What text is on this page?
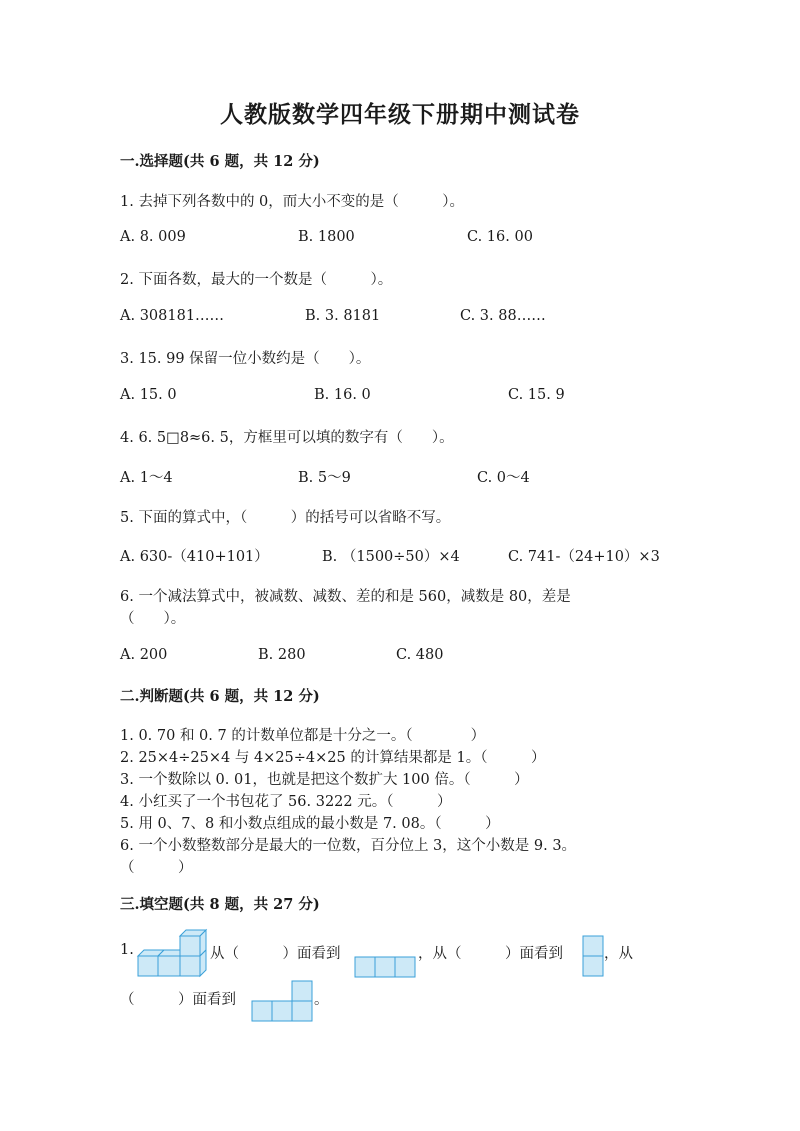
人教版数学四年级下册期中测试卷
一.选择题(共 6 题，共 12 分)
1. 去掉下列各数中的 0，而大小不变的是（　　　）。
A. 8. 009	B. 1800	C. 16. 00
2. 下面各数，最大的一个数是（　　　）。
A. 308181……	B. 3. 8181	C. 3. 88……
3. 15. 99 保留一位小数约是（　　）。
A. 15. 0	B. 16. 0	C. 15. 9
4. 6. 5□8≈6. 5，方框里可以填的数字有（　　）。
A. 1～4	B. 5～9	C. 0～4
5. 下面的算式中，（　　　）的括号可以省略不写。
A. 630-（410+101）	B. （1500÷50）×4	C. 741-（24+10）×3
6. 一个减法算式中，被减数、减数、差的和是 560，减数是 80，差是
（　　）。
A. 200	B. 280	C. 480
二.判断题(共 6 题，共 12 分)
1. 0. 70 和 0. 7 的计数单位都是十分之一。（　　　　）
2. 25×4÷25×4 与 4×25÷4×25 的计算结果都是 1。（　　　）
3. 一个数除以 0. 01，也就是把这个数扩大 100 倍。（　　　）
4. 小红买了一个书包花了 56. 3222 元。（　　　）
5. 用 0、7、8 和小数点组成的最小数是 7. 08。（　　　）
6. 一个小数整数部分是最大的一位数，百分位上 3，这个小数是 9. 3。
（　　　）
三.填空题(共 8 题，共 27 分)
1.	从（　　　）面看到	，从（　　　）面看到	，从
（　　　）面看到	。
